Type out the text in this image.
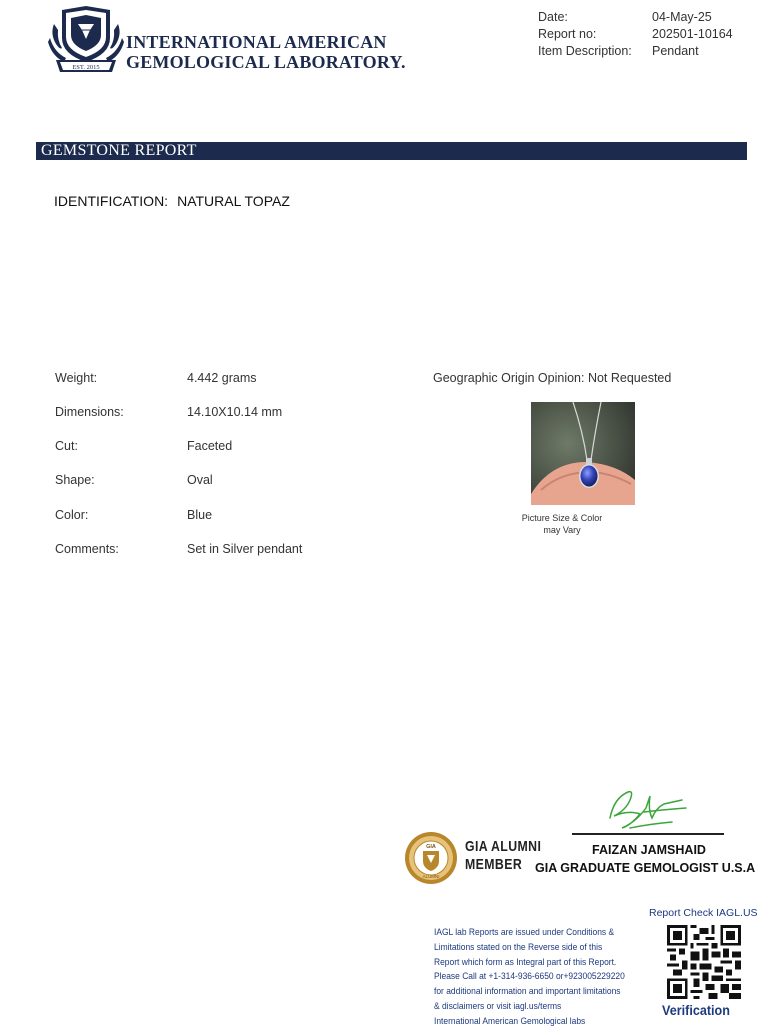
EST. 2015
INTERNATIONAL AMERICAN
GEMOLOGICAL LABORATORY.
Date:	04-May-25
Report no:	202501-10164
Item Description: Pendant
GEMSTONE REPORT
IDENTIFICATION: NATURAL TOPAZ
Weight:	4.442 grams
Dimensions:	14.10X10.14 mm
Cut:	Faceted
Shape:	Oval
Color:	Blue
Comments:	Set in Silver pendant
Geographic Origin Opinion: Not Requested
Picture Size & Color
may Vary
FAIZAN JAMSHAID
GIA GRADUATE GEMOLOGIST U.S.A
GIA
ALUMNI
GIA ALUMNI
MEMBER
IAGL lab Reports are issued under Conditions &
Limitations stated on the Reverse side of this
Report which form as Integral part of this Report.
Please Call at +1-314-936-6650 or+923005229220
for additional information and important limitations
& disclaimers or visit iagl.us/terms
International American Gemological labs
Report Check IAGL.US
Verification
